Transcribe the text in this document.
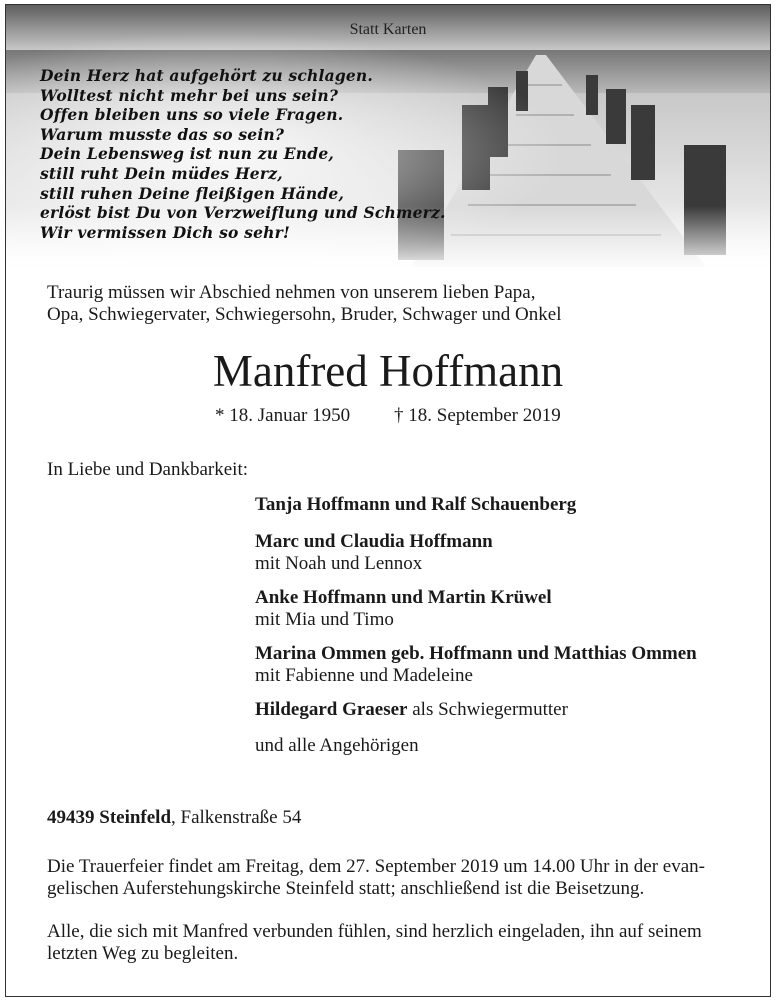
Statt Karten
Dein Herz hat aufgehört zu schlagen.
Wolltest nicht mehr bei uns sein?
Offen bleiben uns so viele Fragen.
Warum musste das so sein?
Dein Lebensweg ist nun zu Ende,
still ruht Dein müdes Herz,
still ruhen Deine fleißigen Hände,
erlöst bist Du von Verzweiflung und Schmerz.
Wir vermissen Dich so sehr!
Traurig müssen wir Abschied nehmen von unserem lieben Papa,
Opa, Schwiegervater, Schwiegersohn, Bruder, Schwager und Onkel
Manfred Hoffmann
* 18. Januar 1950 † 18. September 2019
In Liebe und Dankbarkeit:
Tanja Hoffmann und Ralf Schauenberg
Marc und Claudia Hoffmann
mit Noah und Lennox
Anke Hoffmann und Martin Krüwel
mit Mia und Timo
Marina Ommen geb. Hoffmann und Matthias Ommen
mit Fabienne und Madeleine
Hildegard Graeser als Schwiegermutter
und alle Angehörigen
49439 Steinfeld, Falkenstraße 54
Die Trauerfeier findet am Freitag, dem 27. September 2019 um 14.00 Uhr in der evan-
gelischen Auferstehungskirche Steinfeld statt; anschließend ist die Beisetzung.
Alle, die sich mit Manfred verbunden fühlen, sind herzlich eingeladen, ihn auf seinem
letzten Weg zu begleiten.
